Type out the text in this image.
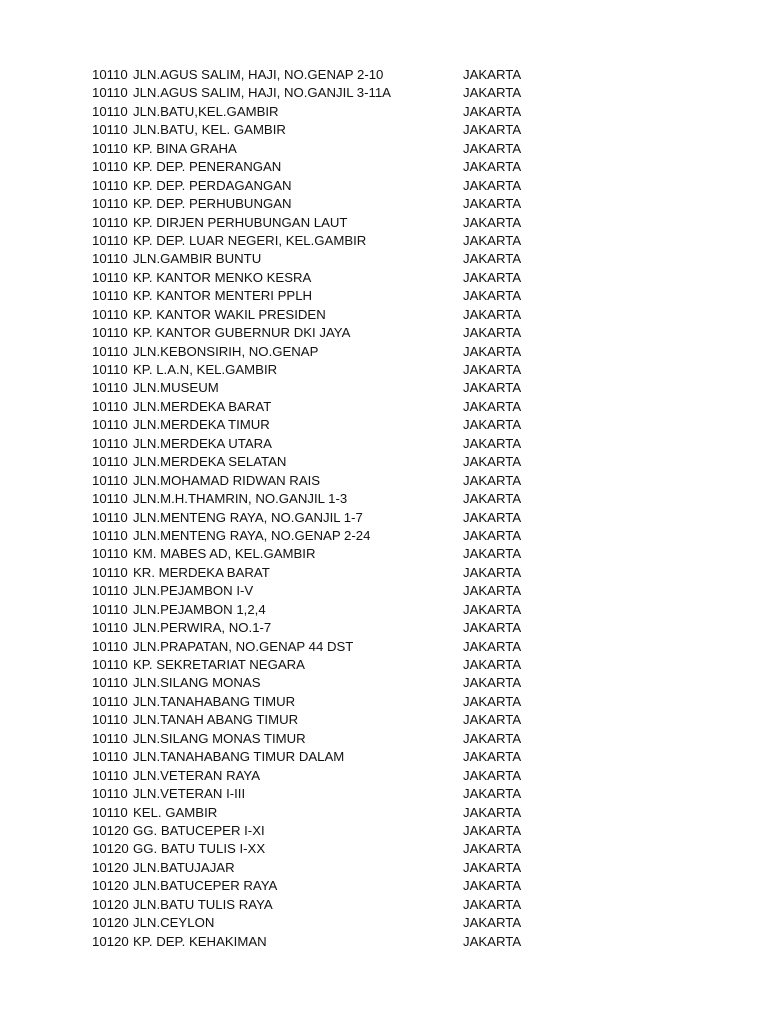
10110 JLN.AGUS SALIM, HAJI, NO.GENAP 2-10	JAKARTA
10110 JLN.AGUS SALIM, HAJI, NO.GANJIL 3-11A	JAKARTA
10110 JLN.BATU,KEL.GAMBIR	JAKARTA
10110 JLN.BATU, KEL. GAMBIR	JAKARTA
10110 KP. BINA GRAHA	JAKARTA
10110 KP. DEP. PENERANGAN	JAKARTA
10110 KP. DEP. PERDAGANGAN	JAKARTA
10110 KP. DEP. PERHUBUNGAN	JAKARTA
10110 KP. DIRJEN PERHUBUNGAN LAUT	JAKARTA
10110 KP. DEP. LUAR NEGERI, KEL.GAMBIR	JAKARTA
10110 JLN.GAMBIR BUNTU	JAKARTA
10110 KP. KANTOR MENKO KESRA	JAKARTA
10110 KP. KANTOR MENTERI PPLH	JAKARTA
10110 KP. KANTOR WAKIL PRESIDEN	JAKARTA
10110 KP. KANTOR GUBERNUR DKI JAYA	JAKARTA
10110 JLN.KEBONSIRIH, NO.GENAP	JAKARTA
10110 KP. L.A.N, KEL.GAMBIR	JAKARTA
10110 JLN.MUSEUM	JAKARTA
10110 JLN.MERDEKA BARAT	JAKARTA
10110 JLN.MERDEKA TIMUR	JAKARTA
10110 JLN.MERDEKA UTARA	JAKARTA
10110 JLN.MERDEKA SELATAN	JAKARTA
10110 JLN.MOHAMAD RIDWAN RAIS	JAKARTA
10110 JLN.M.H.THAMRIN, NO.GANJIL 1-3	JAKARTA
10110 JLN.MENTENG RAYA, NO.GANJIL 1-7	JAKARTA
10110 JLN.MENTENG RAYA, NO.GENAP 2-24	JAKARTA
10110 KM. MABES AD, KEL.GAMBIR	JAKARTA
10110 KR. MERDEKA BARAT	JAKARTA
10110 JLN.PEJAMBON I-V	JAKARTA
10110 JLN.PEJAMBON 1,2,4	JAKARTA
10110 JLN.PERWIRA, NO.1-7	JAKARTA
10110 JLN.PRAPATAN, NO.GENAP 44 DST	JAKARTA
10110 KP. SEKRETARIAT NEGARA	JAKARTA
10110 JLN.SILANG MONAS	JAKARTA
10110 JLN.TANAHABANG TIMUR	JAKARTA
10110 JLN.TANAH ABANG TIMUR	JAKARTA
10110 JLN.SILANG MONAS TIMUR	JAKARTA
10110 JLN.TANAHABANG TIMUR DALAM	JAKARTA
10110 JLN.VETERAN RAYA	JAKARTA
10110 JLN.VETERAN I-III	JAKARTA
10110 KEL. GAMBIR	JAKARTA
10120 GG. BATUCEPER I-XI	JAKARTA
10120 GG. BATU TULIS I-XX	JAKARTA
10120 JLN.BATUJAJAR	JAKARTA
10120 JLN.BATUCEPER RAYA	JAKARTA
10120 JLN.BATU TULIS RAYA	JAKARTA
10120 JLN.CEYLON	JAKARTA
10120 KP. DEP. KEHAKIMAN	JAKARTA
